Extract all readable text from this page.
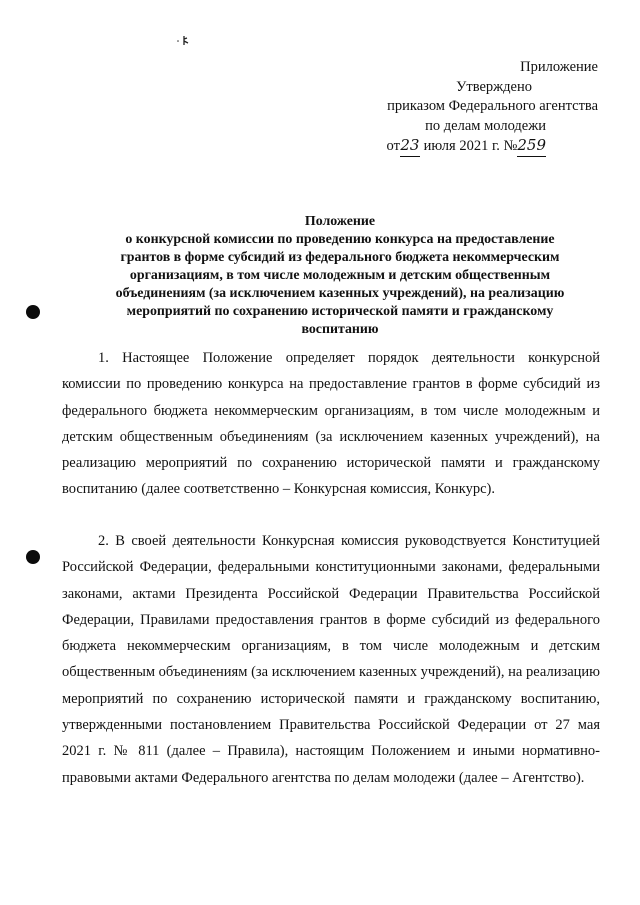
Приложение
Утверждено
приказом Федерального агентства
по делам молодежи
от23 июля 2021 г. №259
Положение
о конкурсной комиссии по проведению конкурса на предоставление
грантов в форме субсидий из федерального бюджета некоммерческим
организациям, в том числе молодежным и детским общественным
объединениям (за исключением казенных учреждений), на реализацию
мероприятий по сохранению исторической памяти и гражданскому
воспитанию

1. Настоящее Положение определяет порядок деятельности конкурсной комиссии по проведению конкурса на предоставление грантов в форме субсидий из федерального бюджета некоммерческим организациям, в том числе молодежным и детским общественным объединениям (за исключением казенных учреждений), на реализацию мероприятий по сохранению исторической памяти и гражданскому воспитанию (далее соответственно – Конкурсная комиссия, Конкурс).

2. В своей деятельности Конкурсная комиссия руководствуется Конституцией Российской Федерации, федеральными конституционными законами, федеральными законами, актами Президента Российской Федерации Правительства Российской Федерации, Правилами предоставления грантов в форме субсидий из федерального бюджета некоммерческим организациям, в том числе молодежным и детским общественным объединениям (за исключением казенных учреждений), на реализацию мероприятий по сохранению исторической памяти и гражданскому воспитанию, утвержденными постановлением Правительства Российской Федерации от 27 мая 2021 г. № 811 (далее – Правила), настоящим Положением и иными нормативно-правовыми актами Федерального агентства по делам молодежи (далее – Агентство).
